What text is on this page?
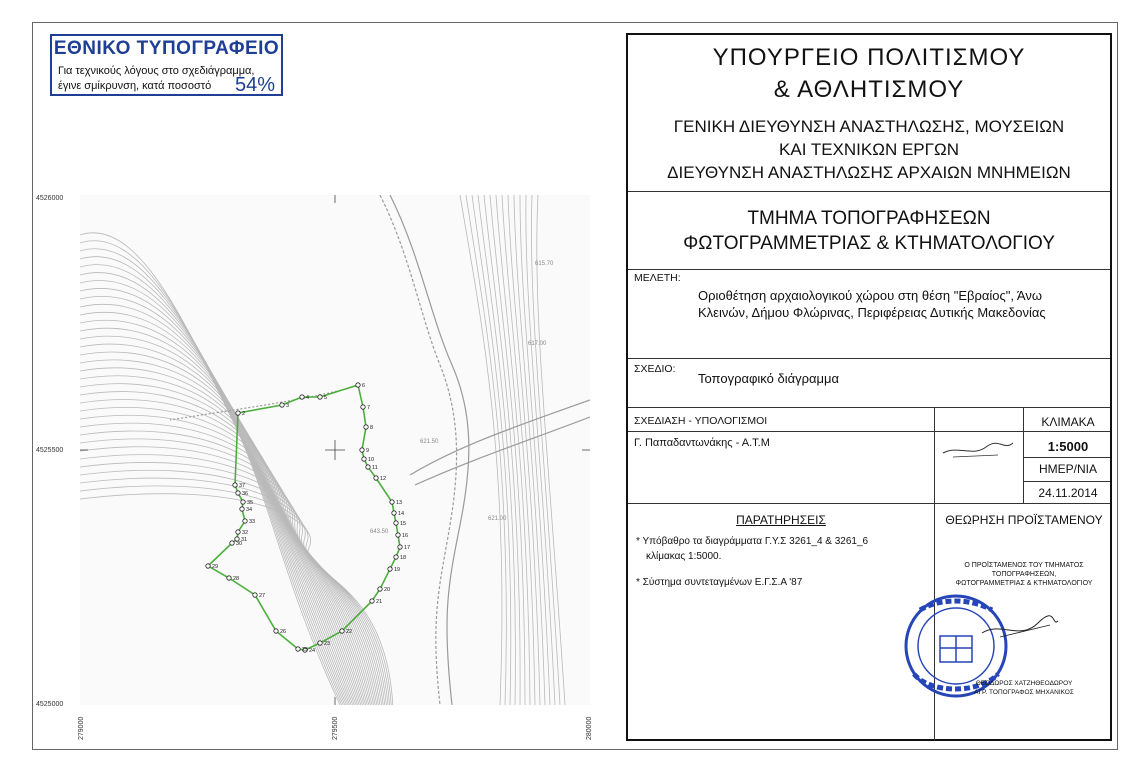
ΕΘΝΙΚΟ ΤΥΠΟΓΡΑΦΕΙΟ
Για τεχνικούς λόγους στο σχεδιάγραμμα,
έγινε σμίκρυνση, κατά ποσοστό	54%
4526000
4525500
4525000
279000	279500	280000
615.70
617.00
621.50
621.00
643.50
2
3
4	5
6
7
8
9
10
11
12
13
14
15
16
17
18
19
20
21
22
23
24
25
26
27
28
29
30
31
32
33
34
35
36
37
ΥΠΟΥΡΓΕΙΟ ΠΟΛΙΤΙΣΜΟΥ
& ΑΘΛΗΤΙΣΜΟΥ
ΓΕΝΙΚΗ ΔΙΕΥΘΥΝΣΗ ΑΝΑΣΤΗΛΩΣΗΣ, ΜΟΥΣΕΙΩΝ
ΚΑΙ ΤΕΧΝΙΚΩΝ ΕΡΓΩΝ
ΔΙΕΥΘΥΝΣΗ ΑΝΑΣΤΗΛΩΣΗΣ ΑΡΧΑΙΩΝ ΜΝΗΜΕΙΩΝ
ΤΜΗΜΑ ΤΟΠΟΓΡΑΦΗΣΕΩΝ
ΦΩΤΟΓΡΑΜΜΕΤΡΙΑΣ & ΚΤΗΜΑΤΟΛΟΓΙΟΥ
ΜΕΛΕΤΗ:
Οριοθέτηση αρχαιολογικού χώρου στη θέση "Εβραίος", Άνω
Κλεινών, Δήμου Φλώρινας, Περιφέρειας Δυτικής Μακεδονίας
ΣΧΕΔΙΟ:
Τοπογραφικό διάγραμμα
ΣΧΕΔΙΑΣΗ - ΥΠΟΛΟΓΙΣΜΟΙ
Γ. Παπαδαντωνάκης - Α.Τ.Μ
ΚΛΙΜΑΚΑ
1:5000
ΗΜΕΡ/ΝΙΑ
24.11.2014
ΠΑΡΑΤΗΡΗΣΕΙΣ	ΘΕΩΡΗΣΗ ΠΡΟΪΣΤΑΜΕΝΟΥ
* Υπόβαθρο τα διαγράμματα Γ.Υ.Σ 3261_4 & 3261_6
κλίμακας 1:5000.
* Σύστημα συντεταγμένων Ε.Γ.Σ.Α '87
Ο ΠΡΟΪΣΤΑΜΕΝΟΣ ΤΟΥ ΤΜΗΜΑΤΟΣ
ΤΟΠΟΓΡΑΦΗΣΕΩΝ,
ΦΩΤΟΓΡΑΜΜΕΤΡΙΑΣ & ΚΤΗΜΑΤΟΛΟΓΙΟΥ
ΘΕΟΔΩΡΟΣ ΧΑΤΖΗΘΕΟΔΩΡΟΥ
ΑΓΡ. ΤΟΠΟΓΡΑΦΟΣ ΜΗΧΑΝΙΚΟΣ
